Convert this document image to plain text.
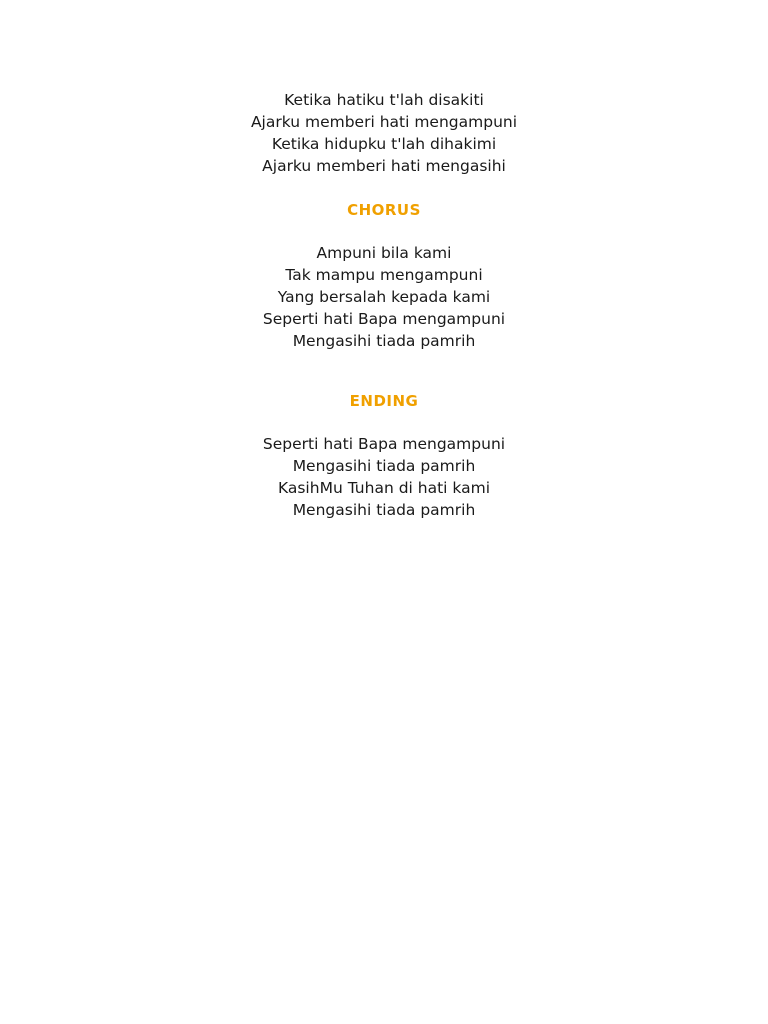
Ketika hatiku t'lah disakiti
Ajarku memberi hati mengampuni
Ketika hidupku t'lah dihakimi
Ajarku memberi hati mengasihi
CHORUS
Ampuni bila kami
Tak mampu mengampuni
Yang bersalah kepada kami
Seperti hati Bapa mengampuni
Mengasihi tiada pamrih
ENDING
Seperti hati Bapa mengampuni
Mengasihi tiada pamrih
KasihMu Tuhan di hati kami
Mengasihi tiada pamrih
